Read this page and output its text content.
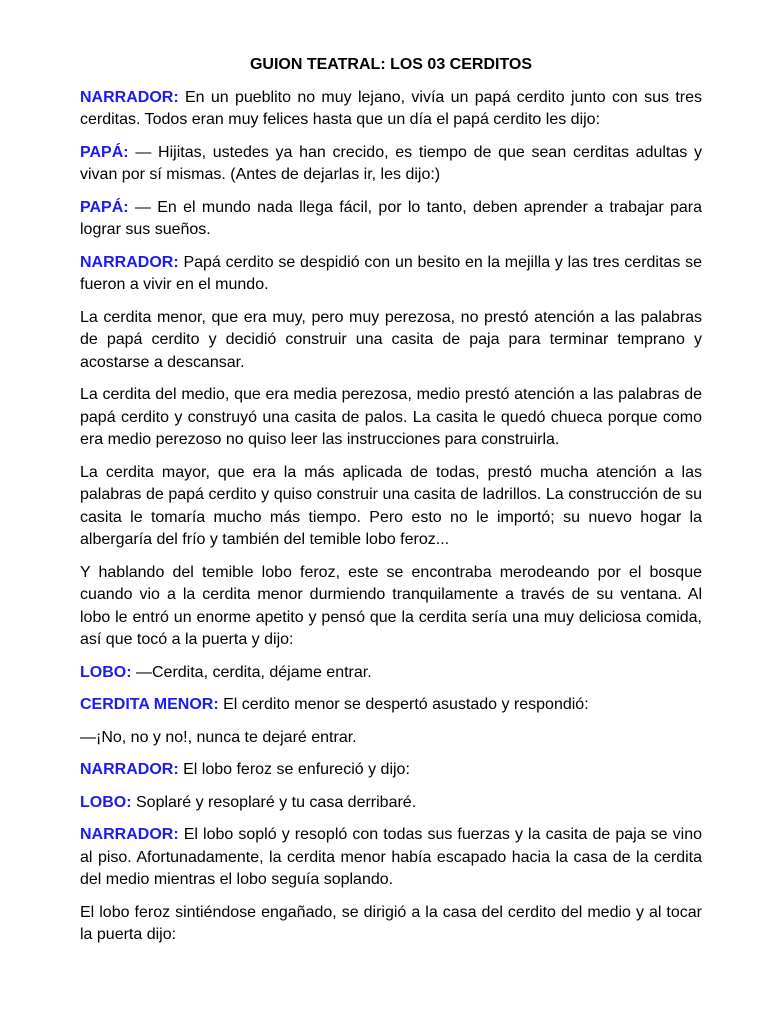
GUION TEATRAL: LOS 03 CERDITOS

NARRADOR: En un pueblito no muy lejano, vivía un papá cerdito junto con sus tres cerditas. Todos eran muy felices hasta que un día el papá cerdito les dijo:

PAPÁ: — Hijitas, ustedes ya han crecido, es tiempo de que sean cerditas adultas y vivan por sí mismas. (Antes de dejarlas ir, les dijo:)

PAPÁ: — En el mundo nada llega fácil, por lo tanto, deben aprender a trabajar para lograr sus sueños.

NARRADOR: Papá cerdito se despidió con un besito en la mejilla y las tres cerditas se fueron a vivir en el mundo.

La cerdita menor, que era muy, pero muy perezosa, no prestó atención a las palabras de papá cerdito y decidió construir una casita de paja para terminar temprano y acostarse a descansar.

La cerdita del medio, que era media perezosa, medio prestó atención a las palabras de papá cerdito y construyó una casita de palos. La casita le quedó chueca porque como era medio perezoso no quiso leer las instrucciones para construirla.

La cerdita mayor, que era la más aplicada de todas, prestó mucha atención a las palabras de papá cerdito y quiso construir una casita de ladrillos. La construcción de su casita le tomaría mucho más tiempo. Pero esto no le importó; su nuevo hogar la albergaría del frío y también del temible lobo feroz...

Y hablando del temible lobo feroz, este se encontraba merodeando por el bosque cuando vio a la cerdita menor durmiendo tranquilamente a través de su ventana. Al lobo le entró un enorme apetito y pensó que la cerdita sería una muy deliciosa comida, así que tocó a la puerta y dijo:

LOBO: —Cerdita, cerdita, déjame entrar.

CERDITA MENOR: El cerdito menor se despertó asustado y respondió:

—¡No, no y no!, nunca te dejaré entrar.

NARRADOR: El lobo feroz se enfureció y dijo:

LOBO: Soplaré y resoplaré y tu casa derribaré.

NARRADOR: El lobo sopló y resopló con todas sus fuerzas y la casita de paja se vino al piso. Afortunadamente, la cerdita menor había escapado hacia la casa de la cerdita del medio mientras el lobo seguía soplando.

El lobo feroz sintiéndose engañado, se dirigió a la casa del cerdito del medio y al tocar la puerta dijo:
